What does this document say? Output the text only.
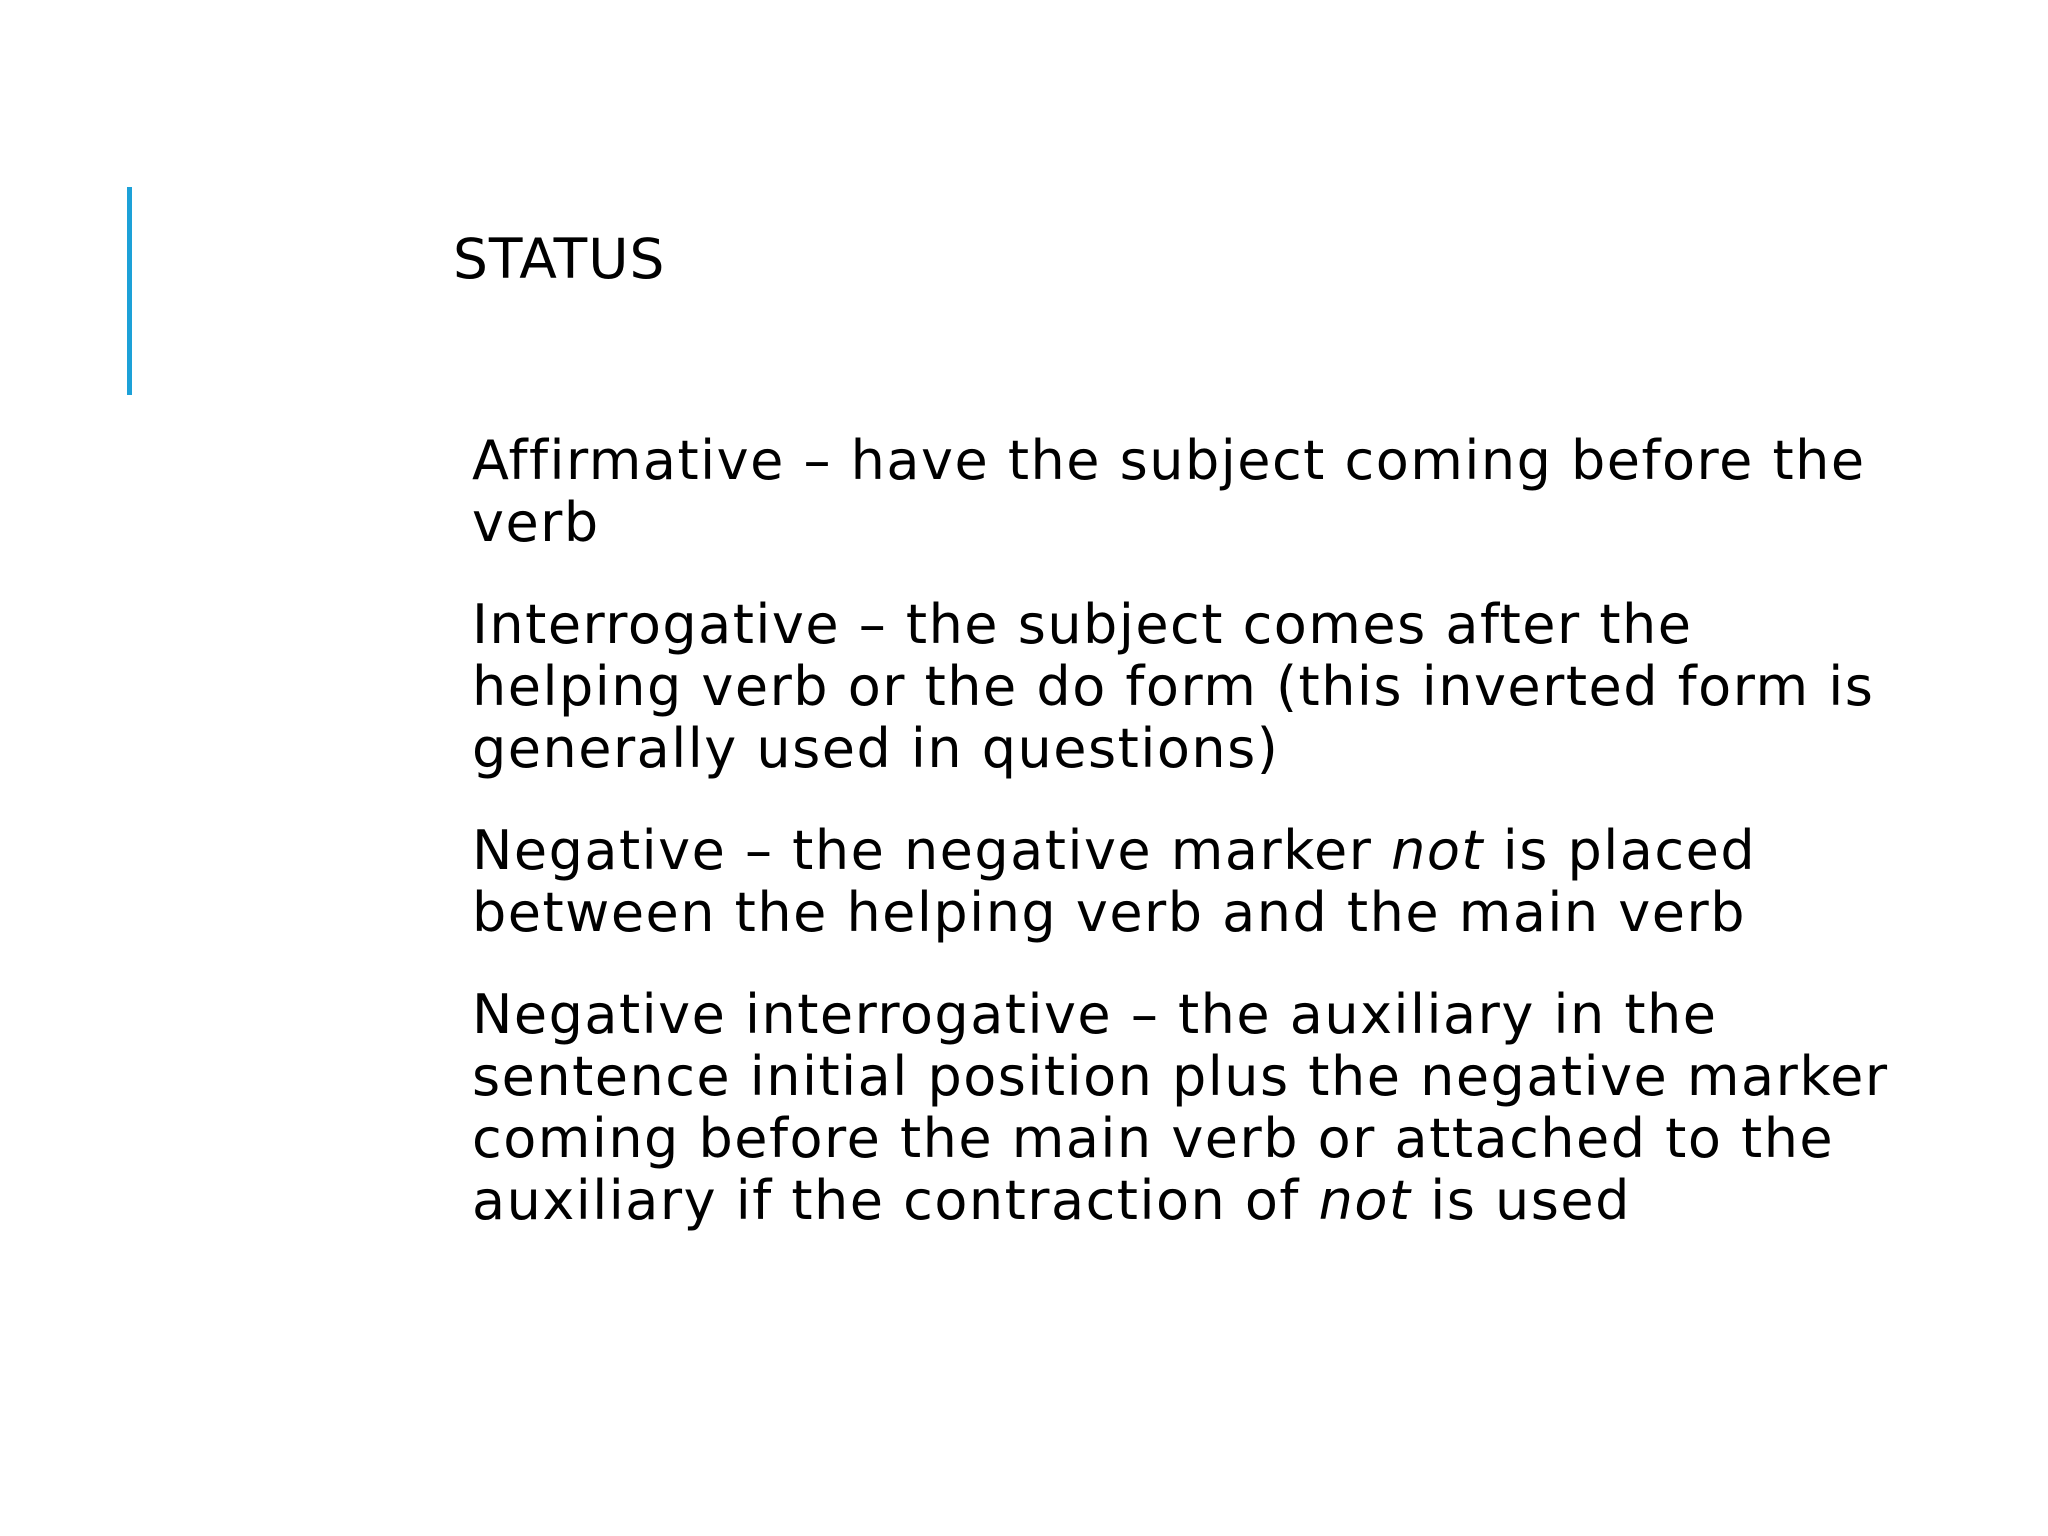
STATUS
Affirmative – have the subject coming before the verb
Interrogative – the subject comes after the helping verb or the do form (this inverted form is generally used in questions)
Negative – the negative marker not is placed between the helping verb and the main verb
Negative interrogative – the auxiliary in the sentence initial position plus the negative marker coming before the main verb or attached to the auxiliary if the contraction of not is used
